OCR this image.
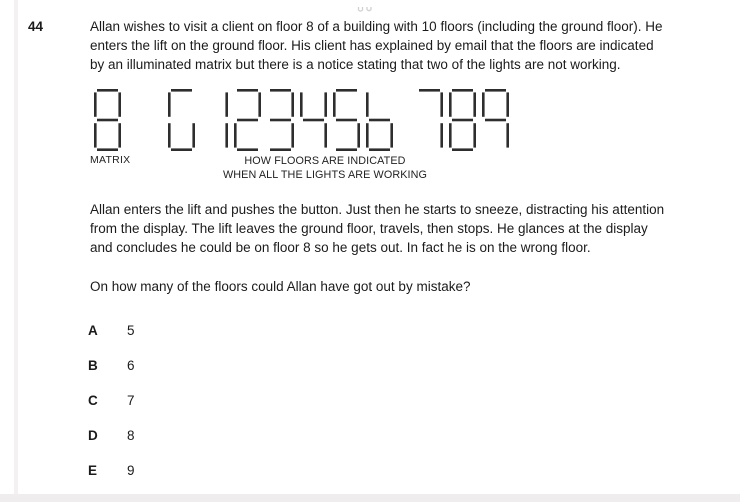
44	Allan wishes to visit a client on floor 8 of a building with 10 floors (including the ground floor). He
enters the lift on the ground floor. His client has explained by email that the floors are indicated
by an illuminated matrix but there is a notice stating that two of the lights are not working.
MATRIX	HOW FLOORS ARE INDICATED
WHEN ALL THE LIGHTS ARE WORKING
Allan enters the lift and pushes the button. Just then he starts to sneeze, distracting his attention
from the display. The lift leaves the ground floor, travels, then stops. He glances at the display
and concludes he could be on floor 8 so he gets out. In fact he is on the wrong floor.
On how many of the floors could Allan have got out by mistake?
A 5
B 6
C 7
D 8
E 9
